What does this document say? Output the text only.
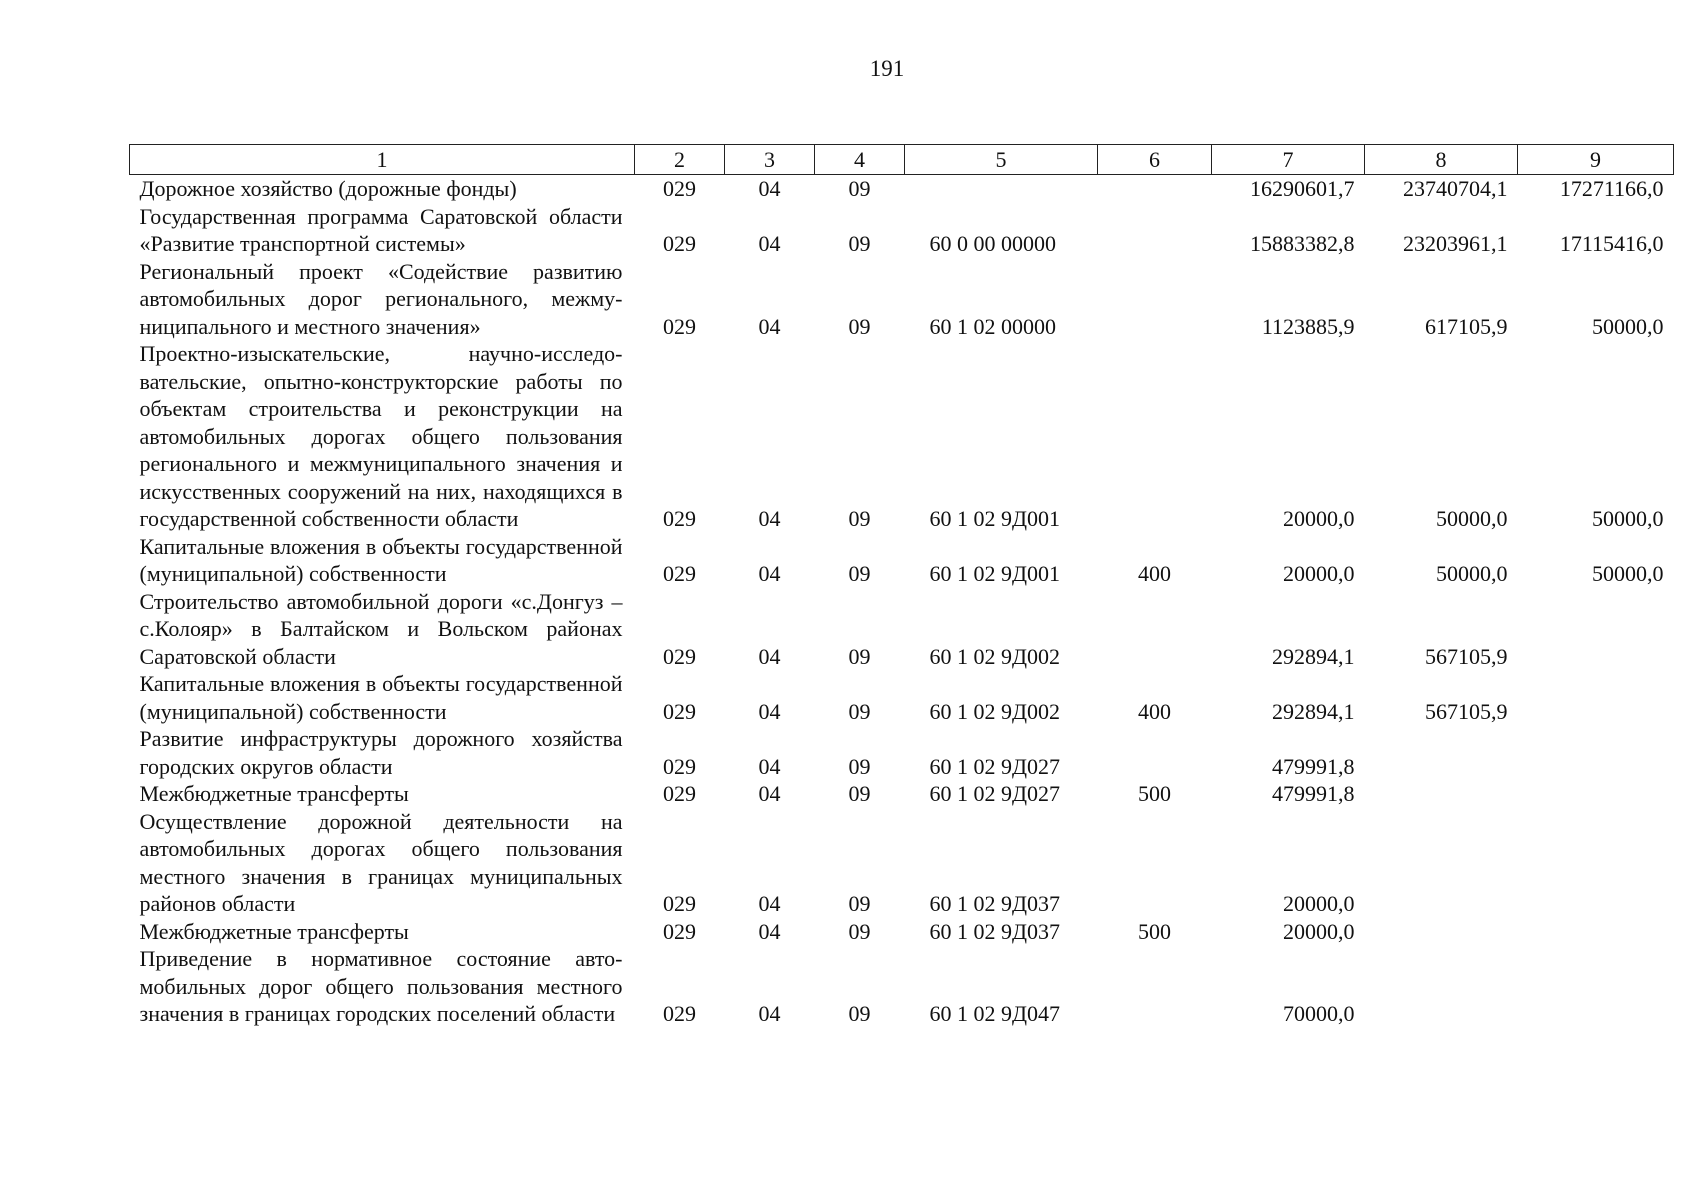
191
1	2	3	4	5	6	7	8	9
Дорожное хозяйство (дорожные фонды)	029	04	09			16290601,7	23740704,1	17271166,0
Государственная программа Саратовской области «Развитие транспортной системы»	029	04	09	60 0 00 00000		15883382,8	23203961,1	17115416,0
Региональный проект «Содействие развитию автомобильных дорог регионального, межмуниципального и местного значения»	029	04	09	60 1 02 00000		1123885,9	617105,9	50000,0
Проектно-изыскательские, научно-исследовательские, опытно-конструкторские работы по объектам строительства и реконструкции на автомобильных дорогах общего пользования регионального и межмуниципального значения и искусственных сооружений на них, находящихся в государственной собственности области	029	04	09	60 1 02 9Д001		20000,0	50000,0	50000,0
Капитальные вложения в объекты государственной (муниципальной) собственности	029	04	09	60 1 02 9Д001	400	20000,0	50000,0	50000,0
Строительство автомобильной дороги «с.Донгуз – с.Колояр» в Балтайском и Вольском районах Саратовской области	029	04	09	60 1 02 9Д002		292894,1	567105,9	
Капитальные вложения в объекты государственной (муниципальной) собственности	029	04	09	60 1 02 9Д002	400	292894,1	567105,9	
Развитие инфраструктуры дорожного хозяйства городских округов области	029	04	09	60 1 02 9Д027		479991,8		
Межбюджетные трансферты	029	04	09	60 1 02 9Д027	500	479991,8		
Осуществление дорожной деятельности на автомобильных дорогах общего пользования местного значения в границах муниципальных районов области	029	04	09	60 1 02 9Д037		20000,0		
Межбюджетные трансферты	029	04	09	60 1 02 9Д037	500	20000,0		
Приведение в нормативное состояние автомобильных дорог общего пользования местного значения в границах городских поселений области	029	04	09	60 1 02 9Д047		70000,0		
